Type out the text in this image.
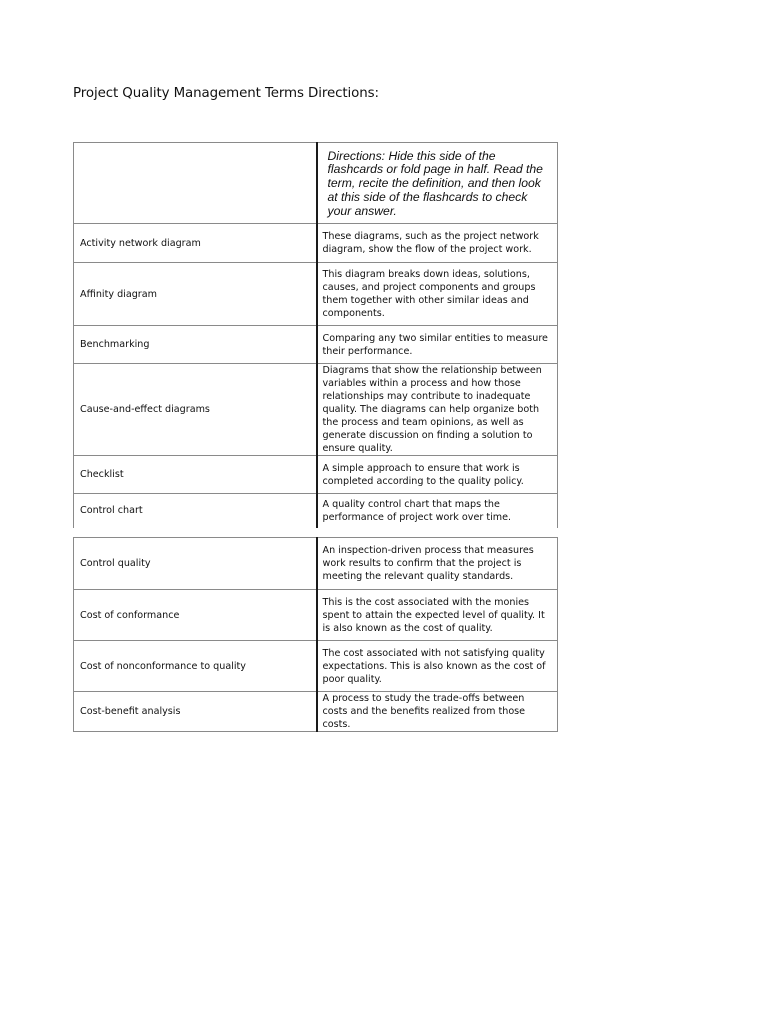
Project Quality Management Terms Directions:

	Directions: Hide this side of the flashcards or fold page in half. Read the term, recite the definition, and then look at this side of the flashcards to check your answer.

Activity network diagram	These diagrams, such as the project network diagram, show the flow of the project work.
Affinity diagram	This diagram breaks down ideas, solutions, causes, and project components and groups them together with other similar ideas and components.
Benchmarking	Comparing any two similar entities to measure their performance.
Cause-and-effect diagrams	Diagrams that show the relationship between variables within a process and how those relationships may contribute to inadequate quality. The diagrams can help organize both the process and team opinions, as well as generate discussion on finding a solution to ensure quality.
Checklist	A simple approach to ensure that work is completed according to the quality policy.
Control chart	A quality control chart that maps the performance of project work over time.
Control quality	An inspection-driven process that measures work results to confirm that the project is meeting the relevant quality standards.
Cost of conformance	This is the cost associated with the monies spent to attain the expected level of quality. It is also known as the cost of quality.
Cost of nonconformance to quality	The cost associated with not satisfying quality expectations. This is also known as the cost of poor quality.
Cost-benefit analysis	A process to study the trade-offs between costs and the benefits realized from those costs.
